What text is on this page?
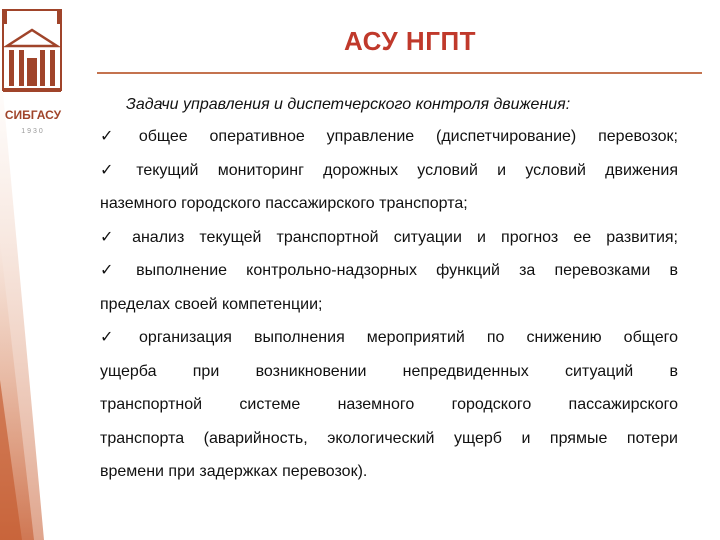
СИБГАСУ
1930
АСУ НГПТ
Задачи управления и диспетчерского контроля движения:
✓ общее оперативное управление (диспетчирование) перевозок;
✓ текущий мониторинг дорожных условий и условий движения
наземного городского пассажирского транспорта;
✓ анализ текущей транспортной ситуации и прогноз ее развития;
✓ выполнение контрольно-надзорных функций за перевозками в
пределах своей компетенции;
✓ организация выполнения мероприятий по снижению общего
ущерба при возникновении непредвиденных ситуаций в
транспортной системе наземного городского пассажирского
транспорта (аварийность, экологический ущерб и прямые потери
времени при задержках перевозок).
